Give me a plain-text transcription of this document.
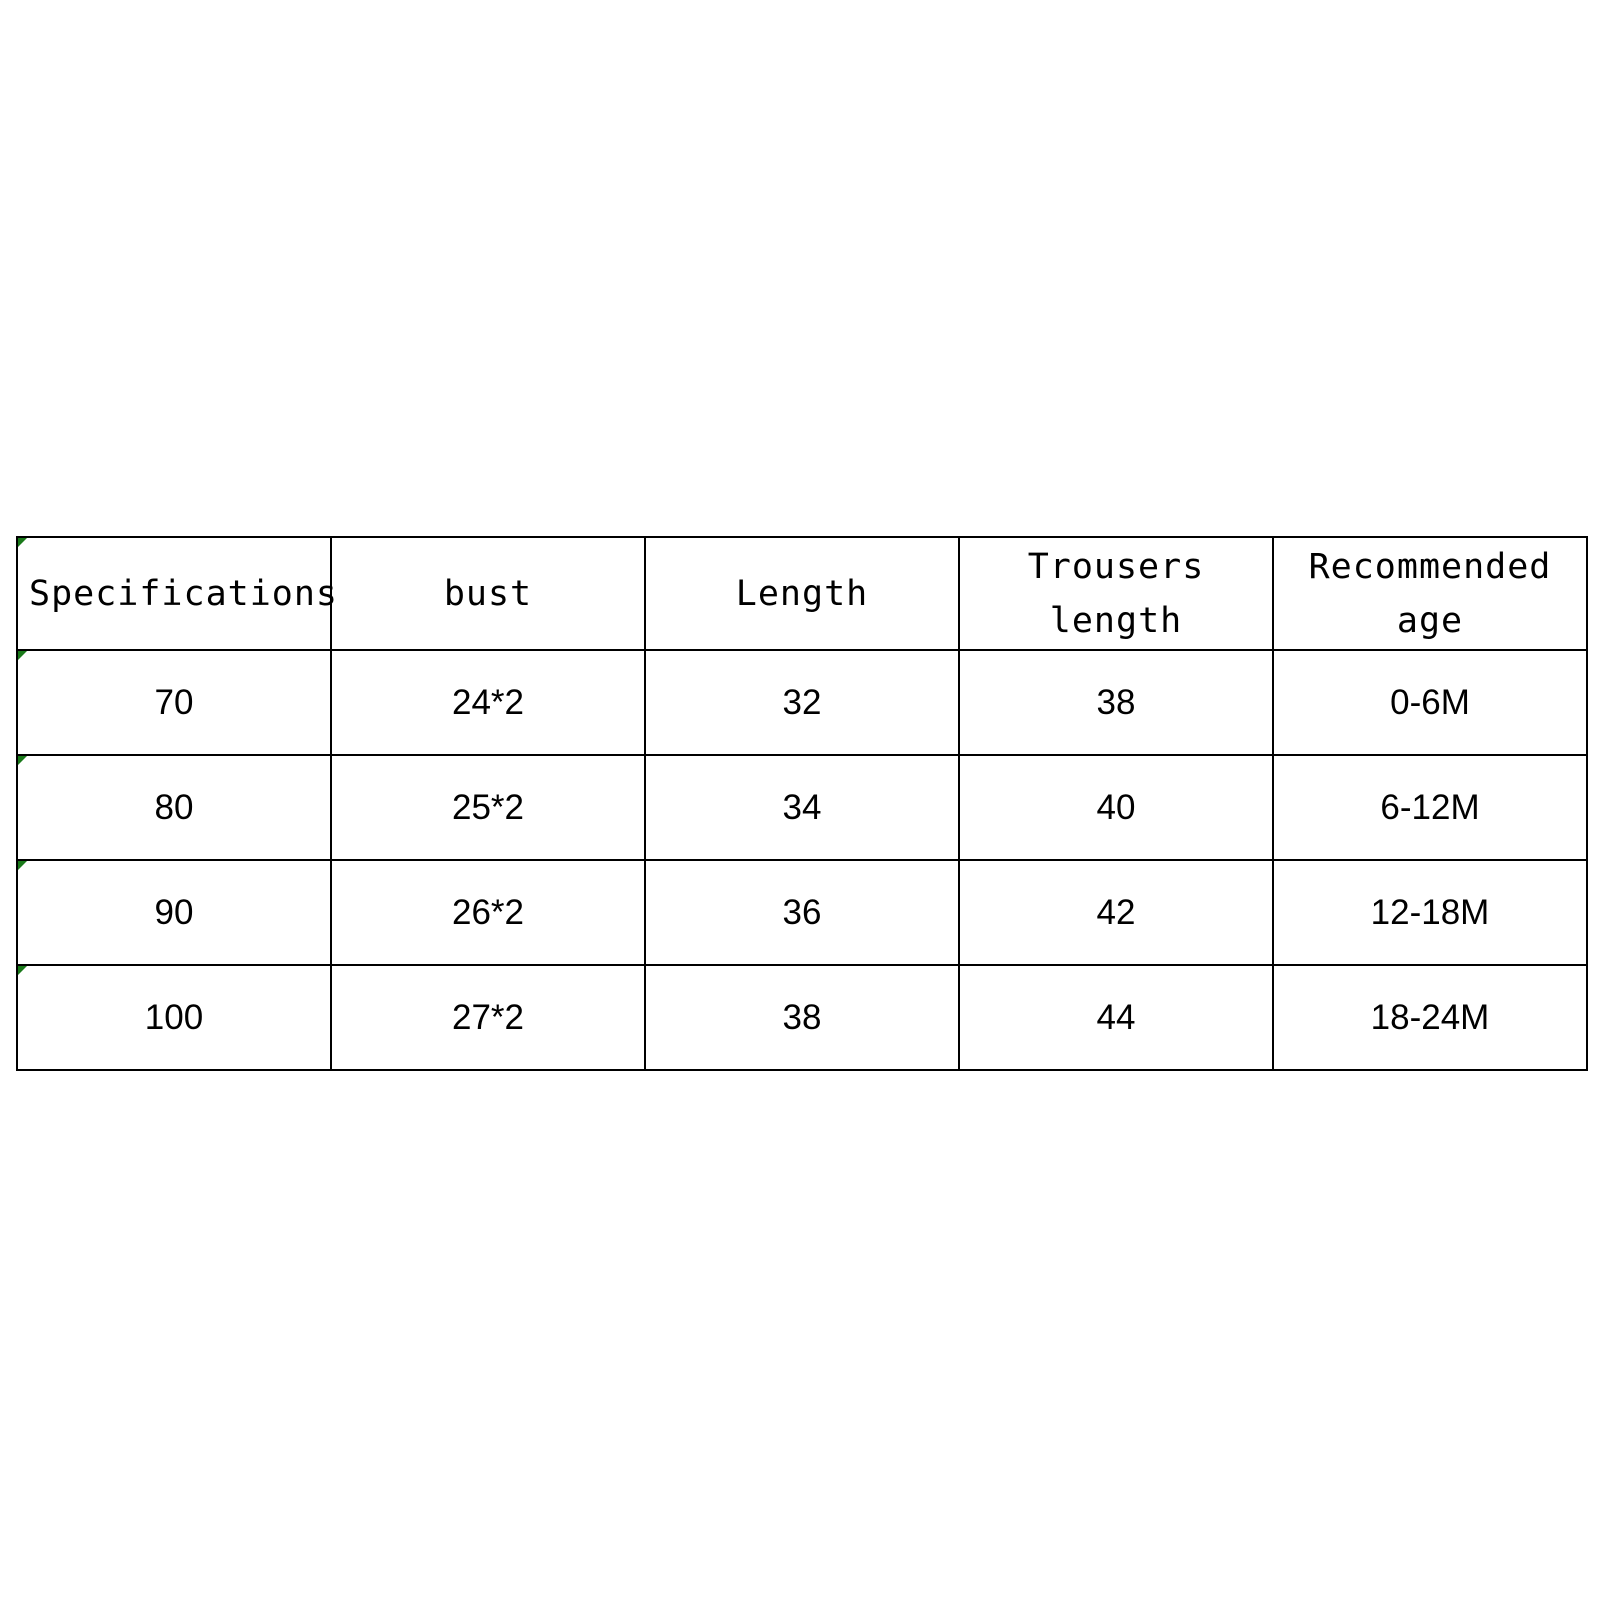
Specifications	bust	Length	Trousers length	Recommended age

70	24*2	32	38	0-6M

80	25*2	34	40	6-12M

90	26*2	36	42	12-18M

100	27*2	38	44	18-24M
